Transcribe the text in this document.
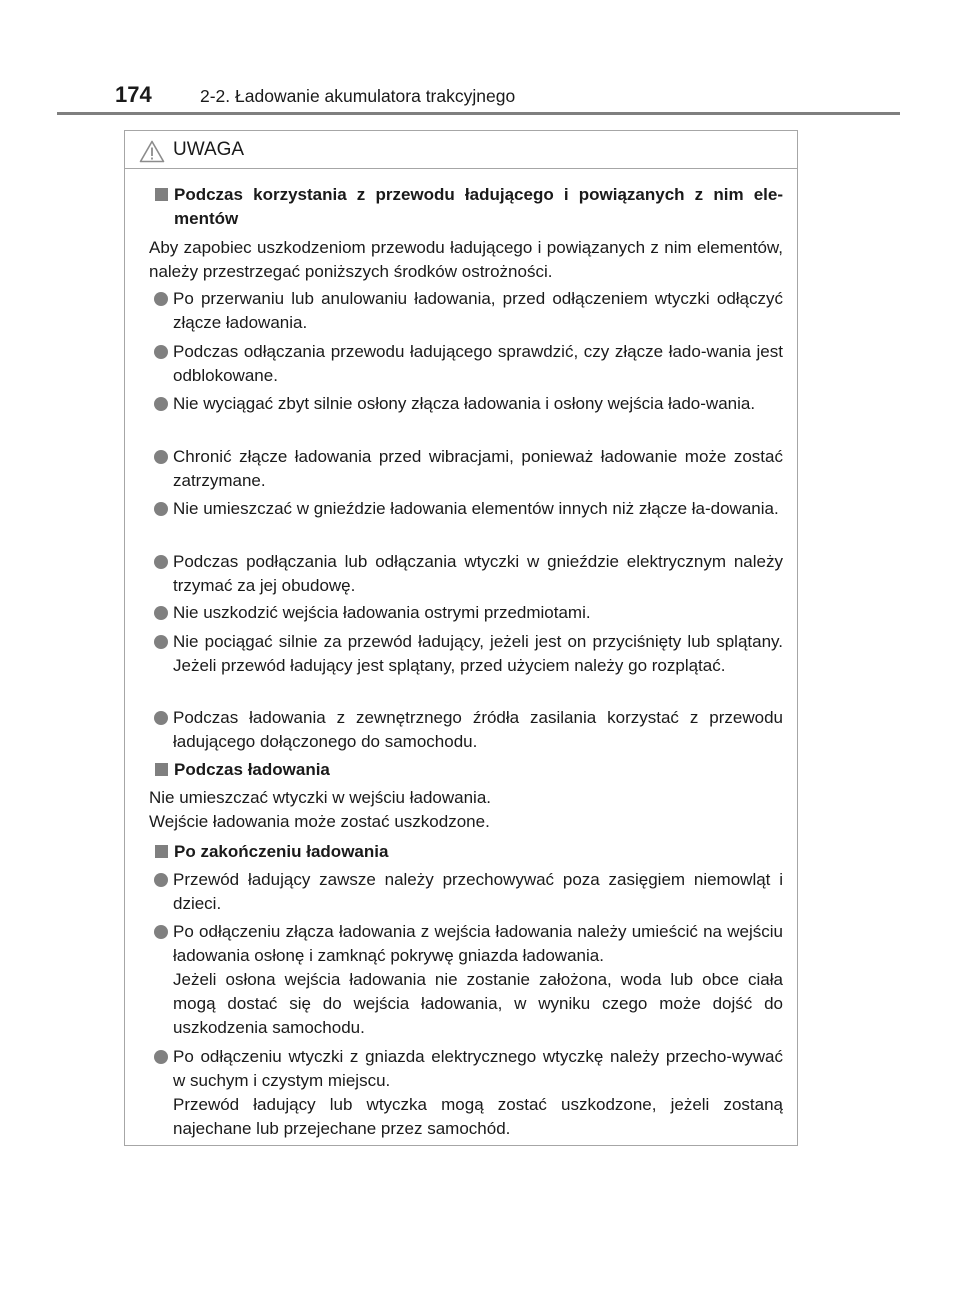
174	2-2. Ładowanie akumulatora trakcyjnego
UWAGA
Podczas korzystania z przewodu ładującego i powiązanych z nim ele-mentów
Aby zapobiec uszkodzeniom przewodu ładującego i powiązanych z nim elementów, należy przestrzegać poniższych środków ostrożności.
Po przerwaniu lub anulowaniu ładowania, przed odłączeniem wtyczki odłączyć złącze ładowania.
Podczas odłączania przewodu ładującego sprawdzić, czy złącze łado-wania jest odblokowane.
Nie wyciągać zbyt silnie osłony złącza ładowania i osłony wejścia łado-wania.
Chronić złącze ładowania przed wibracjami, ponieważ ładowanie może zostać zatrzymane.
Nie umieszczać w gnieździe ładowania elementów innych niż złącze ła-dowania.
Podczas podłączania lub odłączania wtyczki w gnieździe elektrycznym należy trzymać za jej obudowę.
Nie uszkodzić wejścia ładowania ostrymi przedmiotami.
Nie pociągać silnie za przewód ładujący, jeżeli jest on przyciśnięty lub splątany. Jeżeli przewód ładujący jest splątany, przed użyciem należy go rozplątać.
Podczas ładowania z zewnętrznego źródła zasilania korzystać z przewodu ładującego dołączonego do samochodu.
Podczas ładowania
Nie umieszczać wtyczki w wejściu ładowania.
Wejście ładowania może zostać uszkodzone.
Po zakończeniu ładowania
Przewód ładujący zawsze należy przechowywać poza zasięgiem niemowląt i dzieci.
Po odłączeniu złącza ładowania z wejścia ładowania należy umieścić na wejściu ładowania osłonę i zamknąć pokrywę gniazda ładowania.
Jeżeli osłona wejścia ładowania nie zostanie założona, woda lub obce ciała mogą dostać się do wejścia ładowania, w wyniku czego może dojść do uszkodzenia samochodu.
Po odłączeniu wtyczki z gniazda elektrycznego wtyczkę należy przecho-wywać w suchym i czystym miejscu.
Przewód ładujący lub wtyczka mogą zostać uszkodzone, jeżeli zostaną najechane lub przejechane przez samochód.
